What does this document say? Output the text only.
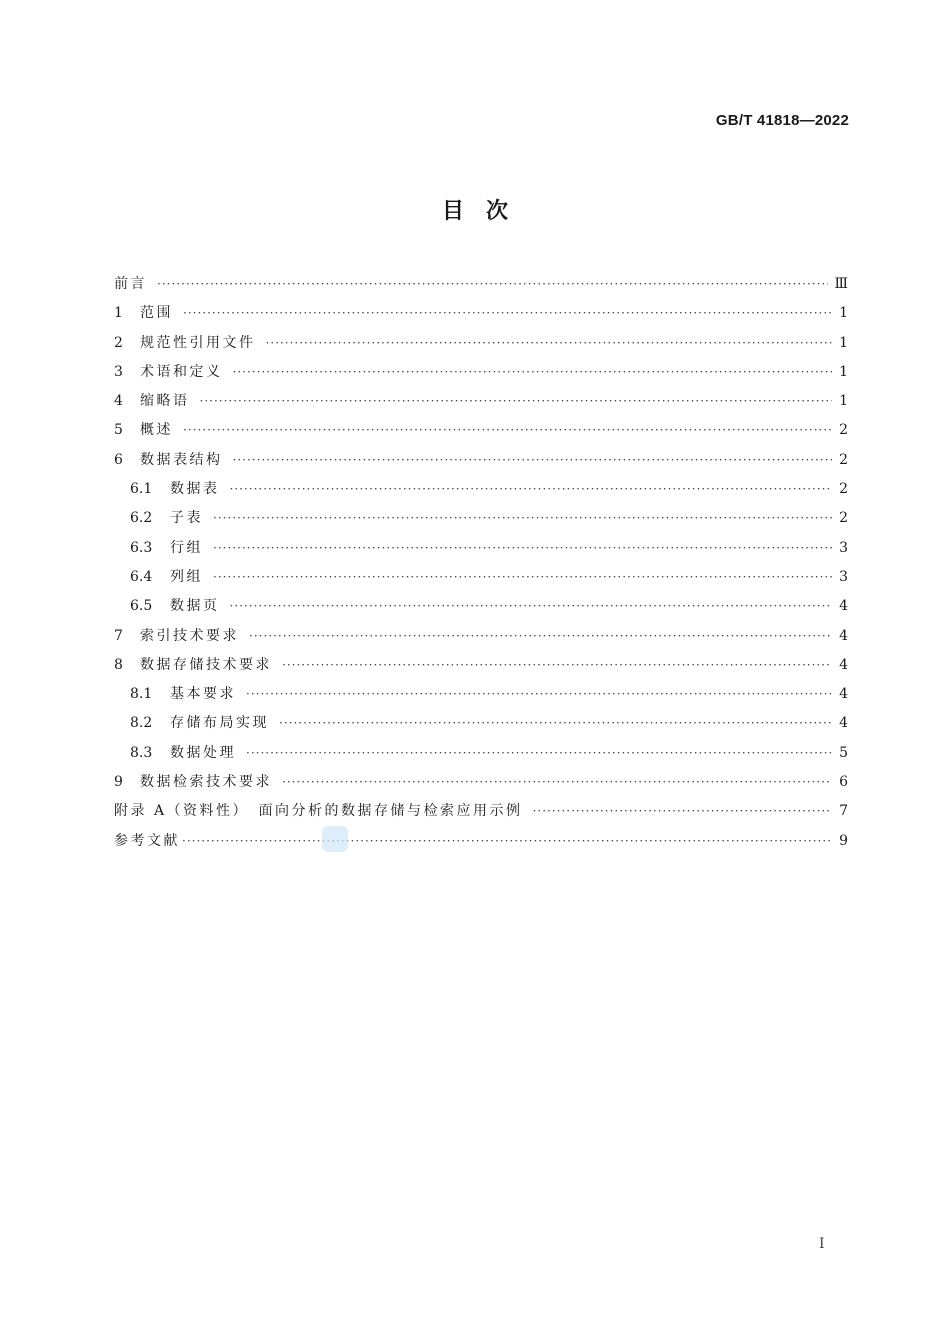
GB/T 41818—2022
目　次
前言 ·····	Ⅲ
1	范围 ·····	1
2	规范性引用文件 ·····	1
3	术语和定义 ·····	1
4	缩略语 ·····	1
5	概述 ·····	2
6	数据表结构 ·····	2
6.1	数据表 ·····	2
6.2	子表 ·····	2
6.3	行组 ·····	3
6.4	列组 ·····	3
6.5	数据页 ·····	4
7	索引技术要求 ·····	4
8	数据存储技术要求 ·····	4
8.1	基本要求 ·····	4
8.2	存储布局实现 ·····	4
8.3	数据处理 ·····	5
9	数据检索技术要求 ·····	6
附录 A（资料性）　面向分析的数据存储与检索应用示例 ·····	7
参考文献 ·····	9
I
